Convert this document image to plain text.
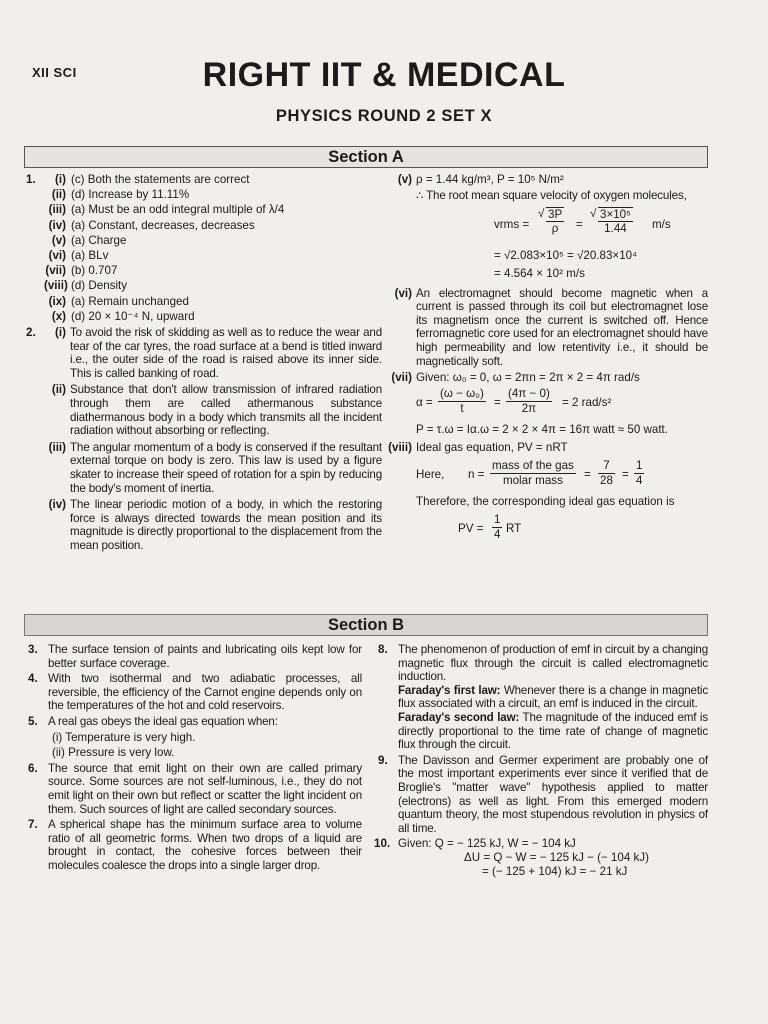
XII SCI	RIGHT IIT & MEDICAL
PHYSICS ROUND 2 SET X
Section A
1.	(i) (c) Both the statements are correct
(ii) (d) Increase by 11.11%
(iii) (a) Must be an odd integral multiple of λ/4
(iv) (a) Constant, decreases, decreases
(v) (a) Charge
(vi) (a) BLv
(vii) (b) 0.707
(viii) (d) Density
(ix) (a) Remain unchanged
(x) (d) 20 × 10⁻⁴ N, upward
2.	(i) To avoid the risk of skidding as well as to reduce the wear and tear of the car tyres, the road surface at a bend is titled inward i.e., the outer side of the road is raised above its inner side. This is called banking of road.
(ii) Substance that don't allow transmission of infrared radiation through them are called athermanous substance diathermanous body in a body which transmits all the incident radiation without absorbing or reflecting.
(iii) The angular momentum of a body is conserved if the resultant external torque on body is zero. This law is used by a figure skater to increase their speed of rotation for a spin by reducing the body's moment of inertia.
(iv) The linear periodic motion of a body, in which the restoring force is always directed towards the mean position and its magnitude is directly proportional to the displacement from the mean position.
(v) ρ = 1.44 kg/m³, P = 10⁵ N/m²
∴ The root mean square velocity of oxygen molecules,
vrms =
√ $\frac{3P}{\rho}$ =
√ $\frac{\text{3×10⁵}}{1.44} m/s$
= √2.083×10⁵ = √20.83×10⁴
= 4.564 × 10² m/s
(vi) An electromagnet should become magnetic when a current is passed through its coil but electromagnet lose its magnetism once the current is switched off. Hence ferromagnetic core used for an electromagnet should have high permeability and low retentivity i.e., it should be magnetically soft.
(vii) Given: ω₀ = 0, ω = 2πn = 2π × 2 = 4π rad/s
$\alpha = \frac{\text{(ω − ω₀)}}{t} = \frac{(4\pi - 0)}{2\pi} = 2$ rad/s²
P = τ.ω = Iα.ω = 2 × 2 × 4π = 16π watt ≈ 50 watt.
(viii) Ideal gas equation, PV = nRT
Here, n =
mass of the gas
molar mass	= $\frac{7}{28} = \frac{1}{4}$
Therefore, the corresponding ideal gas equation is
PV = $\frac{1}{4}$ RT
Section B
3. The surface tension of paints and lubricating oils kept low for better surface coverage.
4. With two isothermal and two adiabatic processes, all reversible, the efficiency of the Carnot engine depends only on the temperatures of the hot and cold reservoirs.
5. A real gas obeys the ideal gas equation when:
(i) Temperature is very high.
(ii) Pressure is very low.
6. The source that emit light on their own are called primary source. Some sources are not self-luminous, i.e., they do not emit light on their own but reflect or scatter the light incident on them. Such sources of light are called secondary sources.
7. A spherical shape has the minimum surface area to volume ratio of all geometric forms. When two drops of a liquid are brought in contact, the cohesive forces between their molecules coalesce the drops into a single larger drop.
8. The phenomenon of production of emf in circuit by a changing magnetic flux through the circuit is called electromagnetic induction.
Faraday's first law: Whenever there is a change in magnetic flux associated with a circuit, an emf is induced in the circuit.
Faraday's second law: The magnitude of the induced emf is directly proportional to the time rate of change of magnetic flux through the circuit.
9. The Davisson and Germer experiment are probably one of the most important experiments ever since it verified that de Broglie's "matter wave" hypothesis applied to matter (electrons) as well as light. From this emerged modern quantum theory, the most stupendous revolution in physics of all time.
10. Given: Q = − 125 kJ, W = − 104 kJ
ΔU = Q − W = − 125 kJ − (− 104 kJ)
= (− 125 + 104) kJ = − 21 kJ
